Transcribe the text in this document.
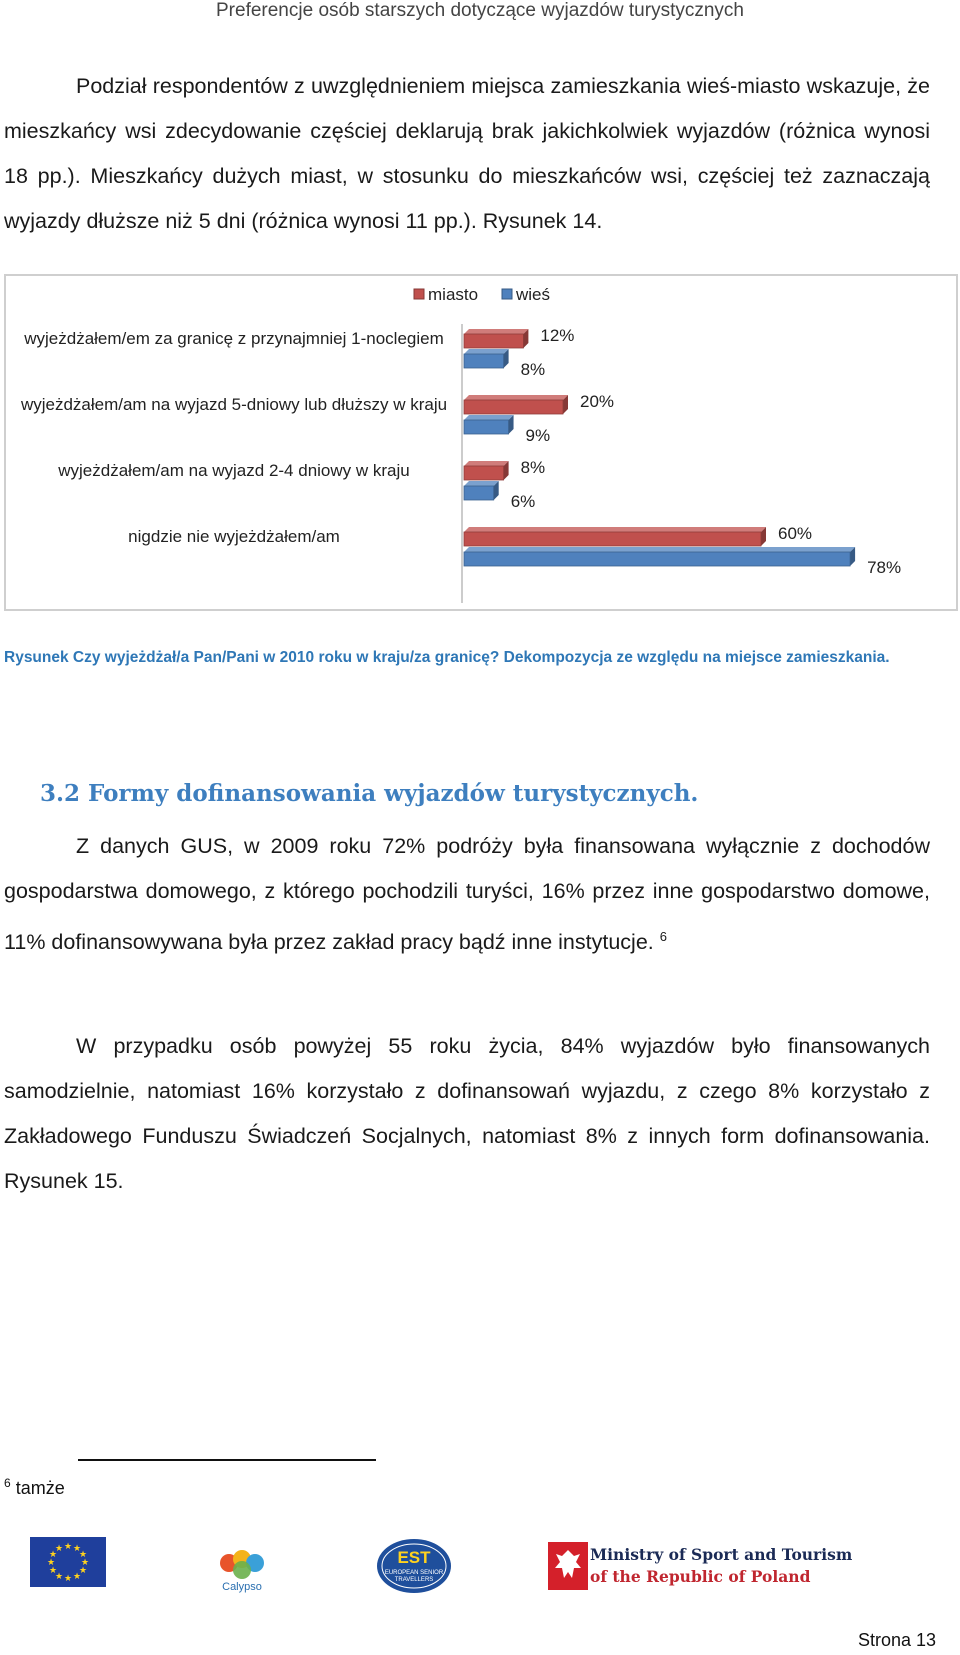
Preferencje osób starszych dotyczące wyjazdów turystycznych
Podział respondentów z uwzględnieniem miejsca zamieszkania wieś-miasto wskazuje, że mieszkańcy wsi zdecydowanie częściej deklarują brak jakichkolwiek wyjazdów (różnica wynosi 18 pp.). Mieszkańcy dużych miast, w stosunku do mieszkańców wsi, częściej też zaznaczają wyjazdy dłuższe niż 5 dni (różnica wynosi 11 pp.). Rysunek 14.
miasto wieś
12%
8%
20%
9%
8%
6%
60%
78%
wyjeżdżałem/em za granicę z przynajmniej 1-noclegiem
wyjeżdżałem/am na wyjazd 5-dniowy lub dłuższy w kraju
wyjeżdżałem/am na wyjazd 2-4 dniowy w kraju
nigdzie nie wyjeżdżałem/am
Rysunek Czy wyjeżdżał/a Pan/Pani w 2010 roku w kraju/za granicę? Dekompozycja ze względu na miejsce zamieszkania.
3.2 Formy dofinansowania wyjazdów turystycznych.
Z danych GUS, w 2009 roku 72% podróży była finansowana wyłącznie z dochodów gospodarstwa domowego, z którego pochodzili turyści, 16% przez inne gospodarstwo domowe, 11% dofinansowywana była przez zakład pracy bądź inne instytucje. $^6$
W przypadku osób powyżej 55 roku życia, 84% wyjazdów było finansowanych samodzielnie, natomiast 16% korzystało z dofinansowań wyjazdu, z czego 8% korzystało z Zakładowego Funduszu Świadczeń Socjalnych, natomiast 8% z innych form dofinansowania. Rysunek 15.
$^6$ tamże
★ ★
★
★
★
★
★
★
★
★
★
★
Calypso
EST
EUROPEAN SENIOR TRAVELLERS
Ministry of Sport and Tourism
of the Republic of Poland
Strona 13
